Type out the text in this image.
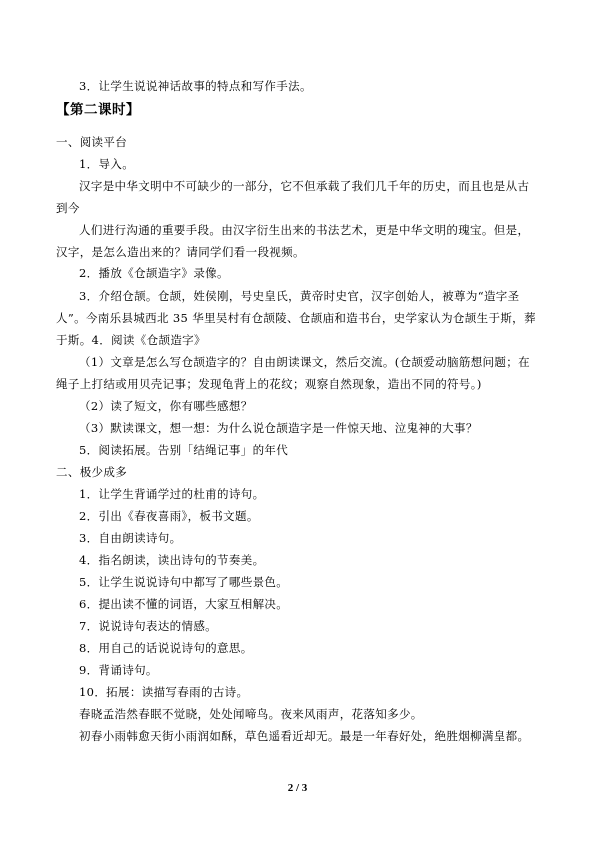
3．让学生说说神话故事的特点和写作手法。
【第二课时】
一、阅读平台
1．导入。
汉字是中华文明中不可缺少的一部分，它不但承载了我们几千年的历史，而且也是从古
到今
人们进行沟通的重要手段。由汉字衍生出来的书法艺术，更是中华文明的瑰宝。但是，
汉字，是怎么造出来的？请同学们看一段视频。
2．播放《仓颉造字》录像。
3．介绍仓颉。仓颉，姓侯刚，号史皇氏，黄帝时史官，汉字创始人，被尊为“造字圣
人”。今南乐县城西北 35 华里吴村有仓颉陵、仓颉庙和造书台，史学家认为仓颉生于斯，葬
于斯。4．阅读《仓颉造字》
（1）文章是怎么写仓颉造字的？自由朗读课文，然后交流。(仓颉爱动脑筋想问题；在
绳子上打结或用贝壳记事；发现龟背上的花纹；观察自然现象，造出不同的符号。)
（2）读了短文，你有哪些感想？
（3）默读课文，想一想：为什么说仓颉造字是一件惊天地、泣鬼神的大事？
5．阅读拓展。告别「结绳记事」的年代
二、极少成多
1．让学生背诵学过的杜甫的诗句。
2．引出《春夜喜雨》，板书文题。
3．自由朗读诗句。
4．指名朗读，读出诗句的节奏美。
5．让学生说说诗句中都写了哪些景色。
6．提出读不懂的词语，大家互相解决。
7．说说诗句表达的情感。
8．用自己的话说说诗句的意思。
9．背诵诗句。
10．拓展：读描写春雨的古诗。
春晓孟浩然春眠不觉晓，处处闻啼鸟。夜来风雨声，花落知多少。
初春小雨韩愈天街小雨润如酥，草色遥看近却无。最是一年春好处，绝胜烟柳满皇都。
2 / 3
